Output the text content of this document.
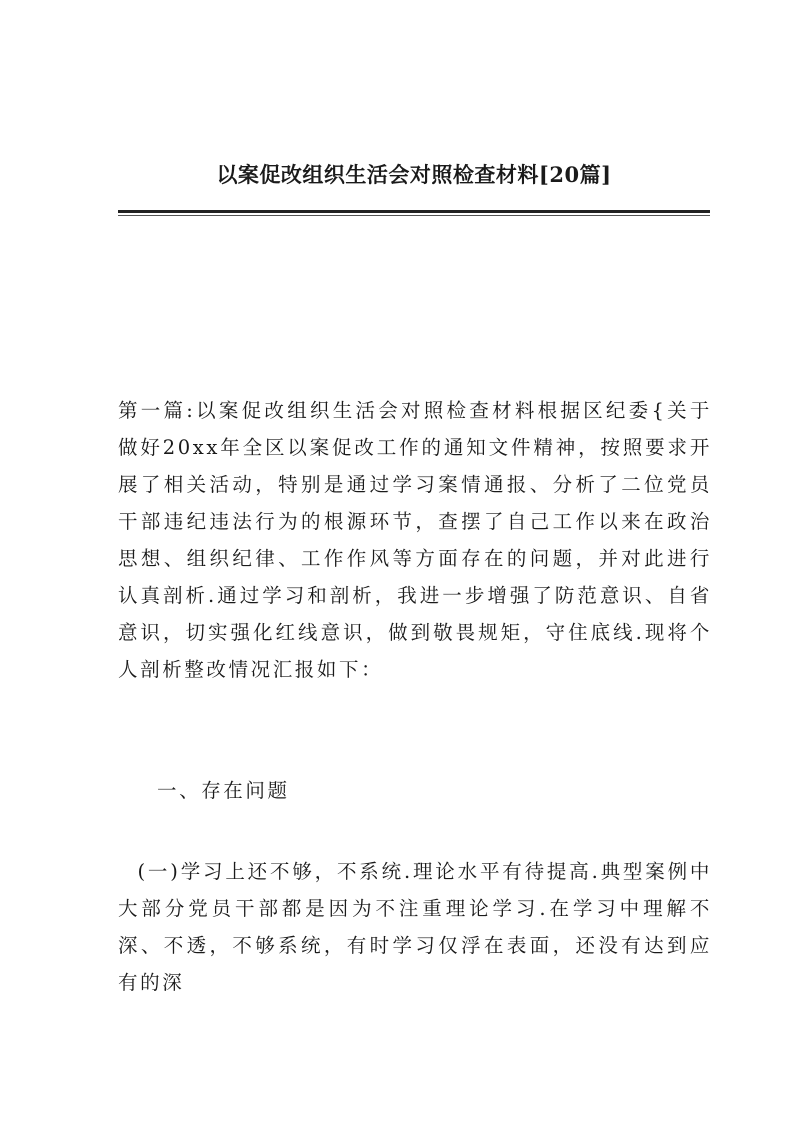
以案促改组织生活会对照检查材料[20篇]
第一篇:以案促改组织生活会对照检查材料根据区纪委{关于做好20xx年全区以案促改工作的通知文件精神，按照要求开展了相关活动，特别是通过学习案情通报、分析了二位党员干部违纪违法行为的根源环节，查摆了自己工作以来在政治思想、组织纪律、工作作风等方面存在的问题，并对此进行认真剖析.通过学习和剖析，我进一步增强了防范意识、自省意识，切实强化红线意识，做到敬畏规矩，守住底线.现将个人剖析整改情况汇报如下：
一、存在问题
(一)学习上还不够，不系统.理论水平有待提高.典型案例中大部分党员干部都是因为不注重理论学习.在学习中理解不深、不透，不够系统，有时学习仅浮在表面，还没有达到应有的深
